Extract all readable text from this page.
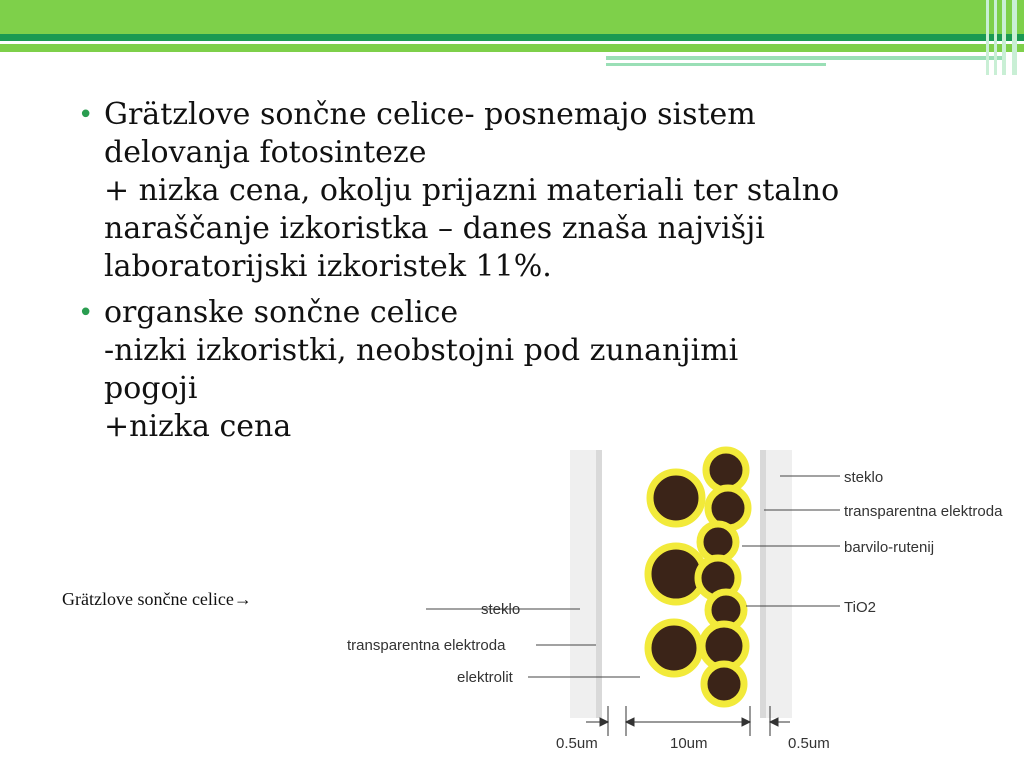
• Grätzlove sončne celice- posnemajo sistem
delovanja fotosinteze
+ nizka cena, okolju prijazni materiali ter stalno
naraščanje izkoristka – danes znaša najvišji
laboratorijski izkoristek 11%.
• organske sončne celice
-nizki izkoristki, neobstojni pod zunanjimi
pogoji
+nizka cena
Grätzlove sončne celice→
steklo
transparentna elektroda
barvilo-rutenij
TiO2
steklo
transparentna elektroda
elektrolit
0.5um	10um	0.5um
